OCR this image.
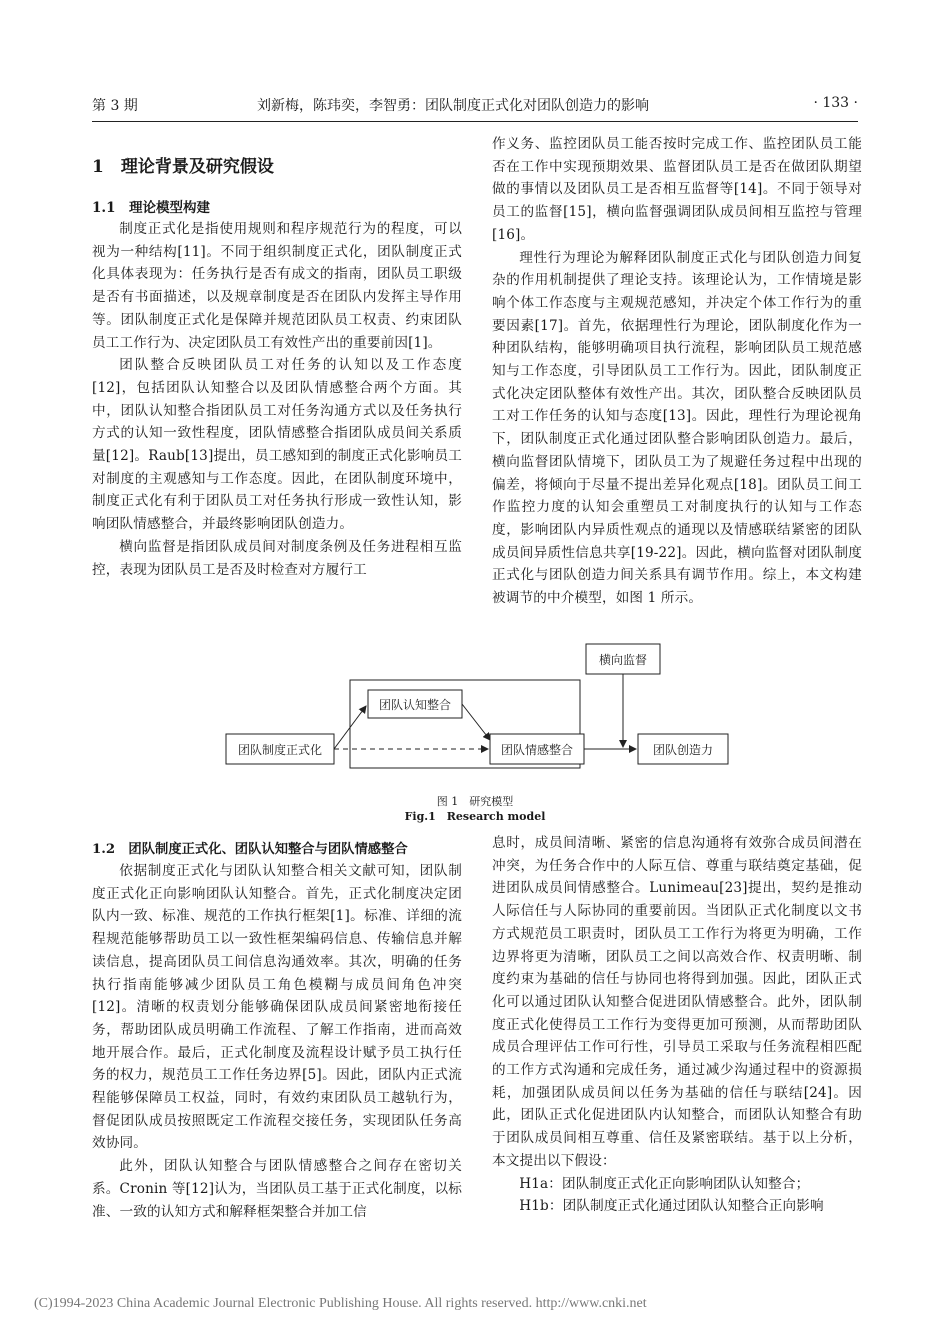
第 3 期	刘新梅，陈玮奕，李智勇：团队制度正式化对团队创造力的影响	· 133 ·
1　理论背景及研究假设
1.1　理论模型构建

制度正式化是指使用规则和程序规范行为的程度，可以视为一种结构[11]。不同于组织制度正式化，团队制度正式化具体表现为：任务执行是否有成文的指南，团队员工职级是否有书面描述，以及规章制度是否在团队内发挥主导作用等。团队制度正式化是保障并规范团队员工权责、约束团队员工工作行为、决定团队员工有效性产出的重要前因[1]。

团队整合反映团队员工对任务的认知以及工作态度[12]，包括团队认知整合以及团队情感整合两个方面。其中，团队认知整合指团队员工对任务沟通方式以及任务执行方式的认知一致性程度，团队情感整合指团队成员间关系质量[12]。Raub[13]提出，员工感知到的制度正式化影响员工对制度的主观感知与工作态度。因此，在团队制度环境中，制度正式化有利于团队员工对任务执行形成一致性认知，影响团队情感整合，并最终影响团队创造力。

横向监督是指团队成员间对制度条例及任务进程相互监控，表现为团队员工是否及时检查对方履行工

作义务、监控团队员工能否按时完成工作、监控团队员工能否在工作中实现预期效果、监督团队员工是否在做团队期望做的事情以及团队员工是否相互监督等[14]。不同于领导对员工的监督[15]，横向监督强调团队成员间相互监控与管理[16]。

理性行为理论为解释团队制度正式化与团队创造力间复杂的作用机制提供了理论支持。该理论认为，工作情境是影响个体工作态度与主观规范感知，并决定个体工作行为的重要因素[17]。首先，依据理性行为理论，团队制度化作为一种团队结构，能够明确项目执行流程，影响团队员工规范感知与工作态度，引导团队员工工作行为。因此，团队制度正式化决定团队整体有效性产出。其次，团队整合反映团队员工对工作任务的认知与态度[13]。因此，理性行为理论视角下，团队制度正式化通过团队整合影响团队创造力。最后，横向监督团队情境下，团队员工为了规避任务过程中出现的偏差，将倾向于尽量不提出差异化观点[18]。团队员工间工作监控力度的认知会重塑员工对制度执行的认知与工作态度，影响团队内异质性观点的通现以及情感联结紧密的团队成员间异质性信息共享[19-22]。因此，横向监督对团队制度正式化与团队创造力间关系具有调节作用。综上，本文构建被调节的中介模型，如图 1 所示。

横向监督
团队认知整合
团队制度正式化	团队情感整合	团队创造力
图 1　研究模型
Fig.1　Research model
1.2　团队制度正式化、团队认知整合与团队情感整合

依据制度正式化与团队认知整合相关文献可知，团队制度正式化正向影响团队认知整合。首先，正式化制度决定团队内一致、标准、规范的工作执行框架[1]。标准、详细的流程规范能够帮助员工以一致性框架编码信息、传输信息并解读信息，提高团队员工间信息沟通效率。其次，明确的任务执行指南能够减少团队员工角色模糊与成员间角色冲突[12]。清晰的权责划分能够确保团队成员间紧密地衔接任务，帮助团队成员明确工作流程、了解工作指南，进而高效地开展合作。最后，正式化制度及流程设计赋予员工执行任务的权力，规范员工工作任务边界[5]。因此，团队内正式流程能够保障员工权益，同时，有效约束团队员工越轨行为，督促团队成员按照既定工作流程交接任务，实现团队任务高效协同。

此外，团队认知整合与团队情感整合之间存在密切关系。Cronin 等[12]认为，当团队员工基于正式化制度，以标准、一致的认知方式和解释框架整合并加工信

息时，成员间清晰、紧密的信息沟通将有效弥合成员间潜在冲突，为任务合作中的人际互信、尊重与联结奠定基础，促进团队成员间情感整合。Lunimeau[23]提出，契约是推动人际信任与人际协同的重要前因。当团队正式化制度以文书方式规范员工职责时，团队员工工作行为将更为明确，工作边界将更为清晰，团队员工之间以高效合作、权责明晰、制度约束为基础的信任与协同也将得到加强。因此，团队正式化可以通过团队认知整合促进团队情感整合。此外，团队制度正式化使得员工工作行为变得更加可预测，从而帮助团队成员合理评估工作可行性，引导员工采取与任务流程相匹配的工作方式沟通和完成任务，通过减少沟通过程中的资源损耗，加强团队成员间以任务为基础的信任与联结[24]。因此，团队正式化促进团队内认知整合，而团队认知整合有助于团队成员间相互尊重、信任及紧密联结。基于以上分析，本文提出以下假设：

H1a：团队制度正式化正向影响团队认知整合；

H1b：团队制度正式化通过团队认知整合正向影响

(C)1994-2023 China Academic Journal Electronic Publishing House. All rights reserved. http://www.cnki.net
